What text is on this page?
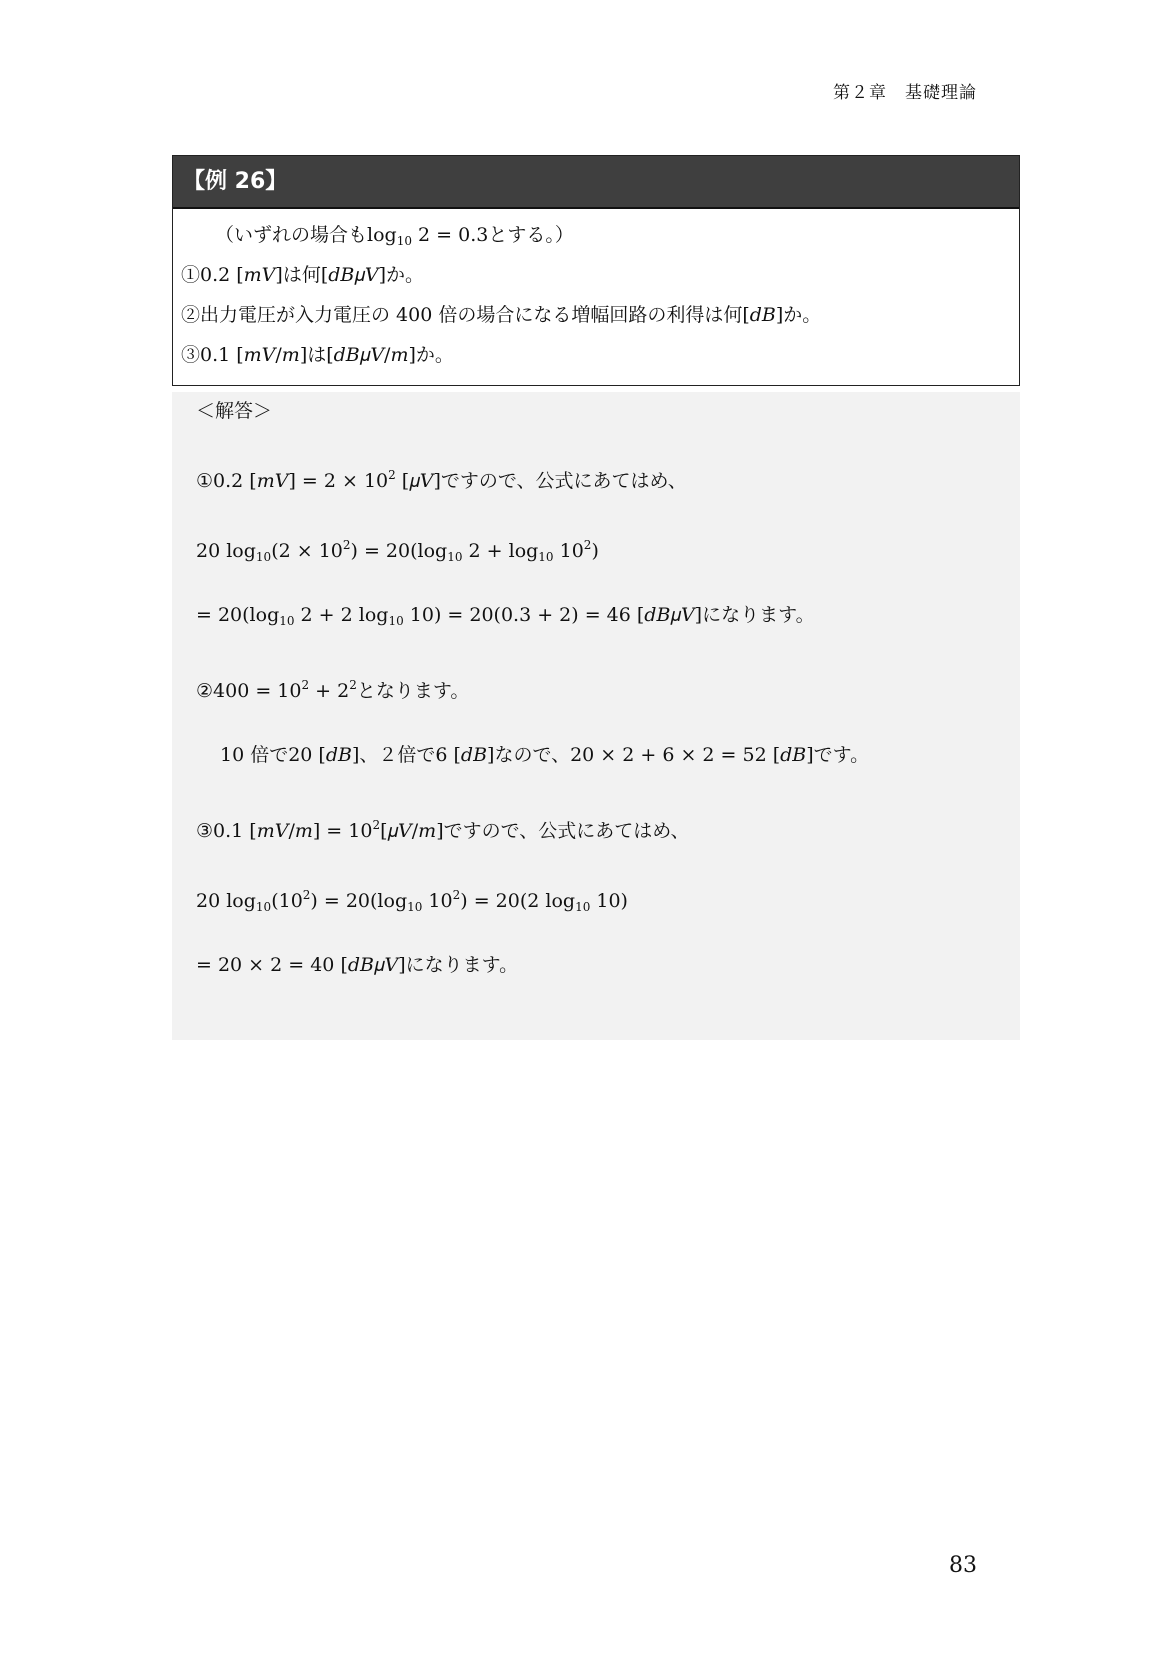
第２章　基礎理論
【例 26】
（いずれの場合も$\log_{10} 2 = 0.3$とする。）
①0.2 [𝑚𝑉]は何[𝑑𝐵𝜇𝑉]か。
②出力電圧が入力電圧の 400 倍の場合になる増幅回路の利得は何[𝑑𝐵]か。
③0.1 [𝑚𝑉/𝑚]は[𝑑𝐵𝜇𝑉/𝑚]か。
＜解答＞
①0.2 [𝑚𝑉] = $2 \times 10^2$ [𝜇𝑉]ですので、公式にあてはめ、
20 $\log_{10}(2 \times 10^2) = 20(\log_{10}$ $2 + \log_{10} 10^2$)
= $20(\log_{10}$ 2 + 2 $\log_{10} 10) = 20(0.3 + 2) = 46$ [𝑑𝐵𝜇𝑉]になります。
②400 = $10^2 + 2^2$となります。
10 倍で20 [𝑑𝐵]、２倍で6 [𝑑𝐵]なので、20 × 2 + 6 × 2 = 52 [𝑑𝐵]です。
③0.1 [𝑚𝑉/𝑚] = $10^2[𝜇𝑉/𝑚]$ですので、公式にあてはめ、
20 $\log_{10}(10^2) = 20(\log_{10}$ $10^2) = 20(2$ $\log_{10} 10$)
= 20 × 2 = 40 [𝑑𝐵𝜇𝑉]になります。
83
